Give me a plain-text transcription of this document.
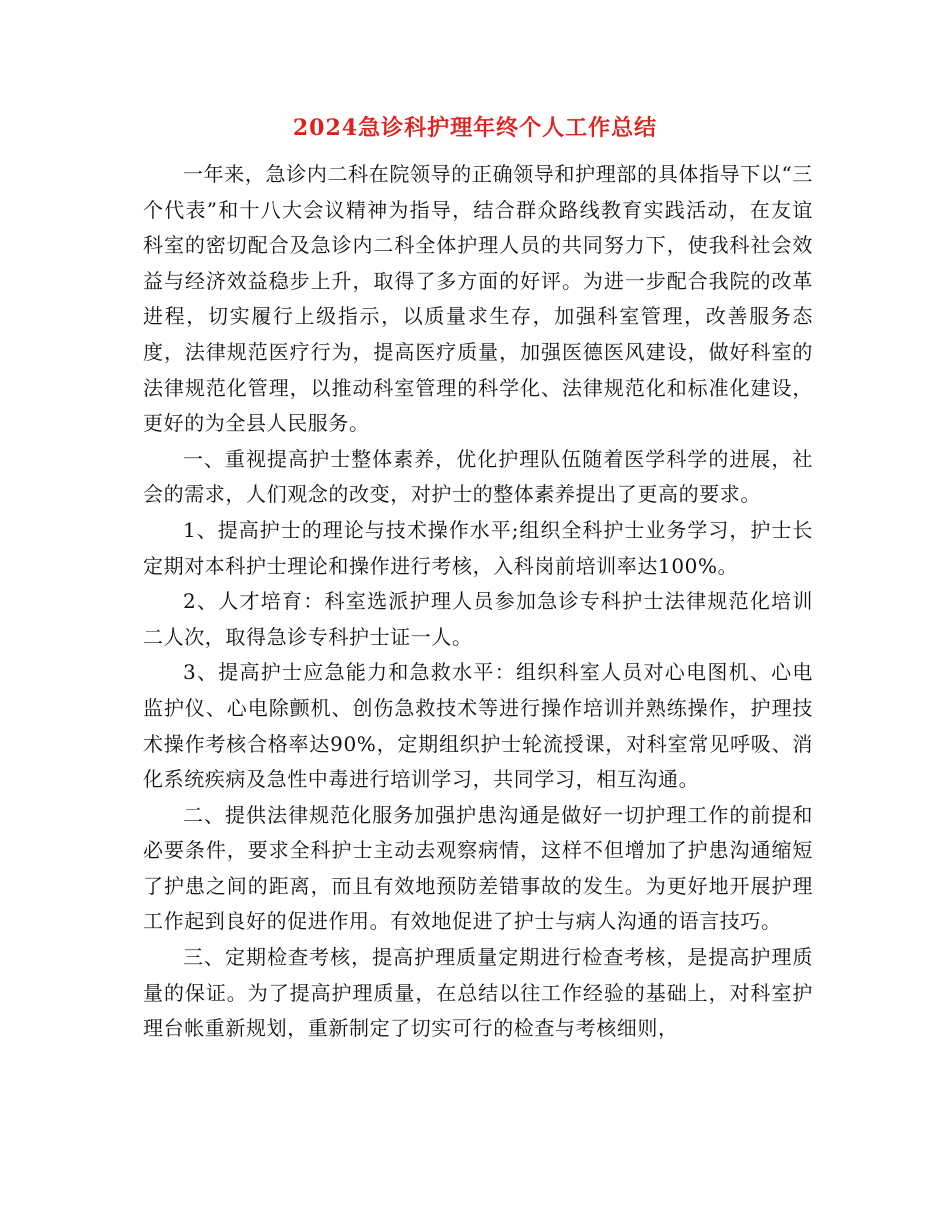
2024急诊科护理年终个人工作总结

一年来，急诊内二科在院领导的正确领导和护理部的具体指导下以“三个代表”和十八大会议精神为指导，结合群众路线教育实践活动，在友谊科室的密切配合及急诊内二科全体护理人员的共同努力下，使我科社会效益与经济效益稳步上升，取得了多方面的好评。为进一步配合我院的改革进程，切实履行上级指示，以质量求生存，加强科室管理，改善服务态度，法律规范医疗行为，提高医疗质量，加强医德医风建设，做好科室的法律规范化管理，以推动科室管理的科学化、法律规范化和标准化建设，更好的为全县人民服务。

一、重视提高护士整体素养，优化护理队伍随着医学科学的进展，社会的需求，人们观念的改变，对护士的整体素养提出了更高的要求。

1、提高护士的理论与技术操作水平;组织全科护士业务学习，护士长定期对本科护士理论和操作进行考核，入科岗前培训率达100%。

2、人才培育：科室选派护理人员参加急诊专科护士法律规范化培训二人次，取得急诊专科护士证一人。

3、提高护士应急能力和急救水平：组织科室人员对心电图机、心电监护仪、心电除颤机、创伤急救技术等进行操作培训并熟练操作，护理技术操作考核合格率达90%，定期组织护士轮流授课，对科室常见呼吸、消化系统疾病及急性中毒进行培训学习，共同学习，相互沟通。

二、提供法律规范化服务加强护患沟通是做好一切护理工作的前提和必要条件，要求全科护士主动去观察病情，这样不但增加了护患沟通缩短了护患之间的距离，而且有效地预防差错事故的发生。为更好地开展护理工作起到良好的促进作用。有效地促进了护士与病人沟通的语言技巧。

三、定期检查考核，提高护理质量定期进行检查考核，是提高护理质量的保证。为了提高护理质量，在总结以往工作经验的基础上，对科室护理台帐重新规划，重新制定了切实可行的检查与考核细则，
